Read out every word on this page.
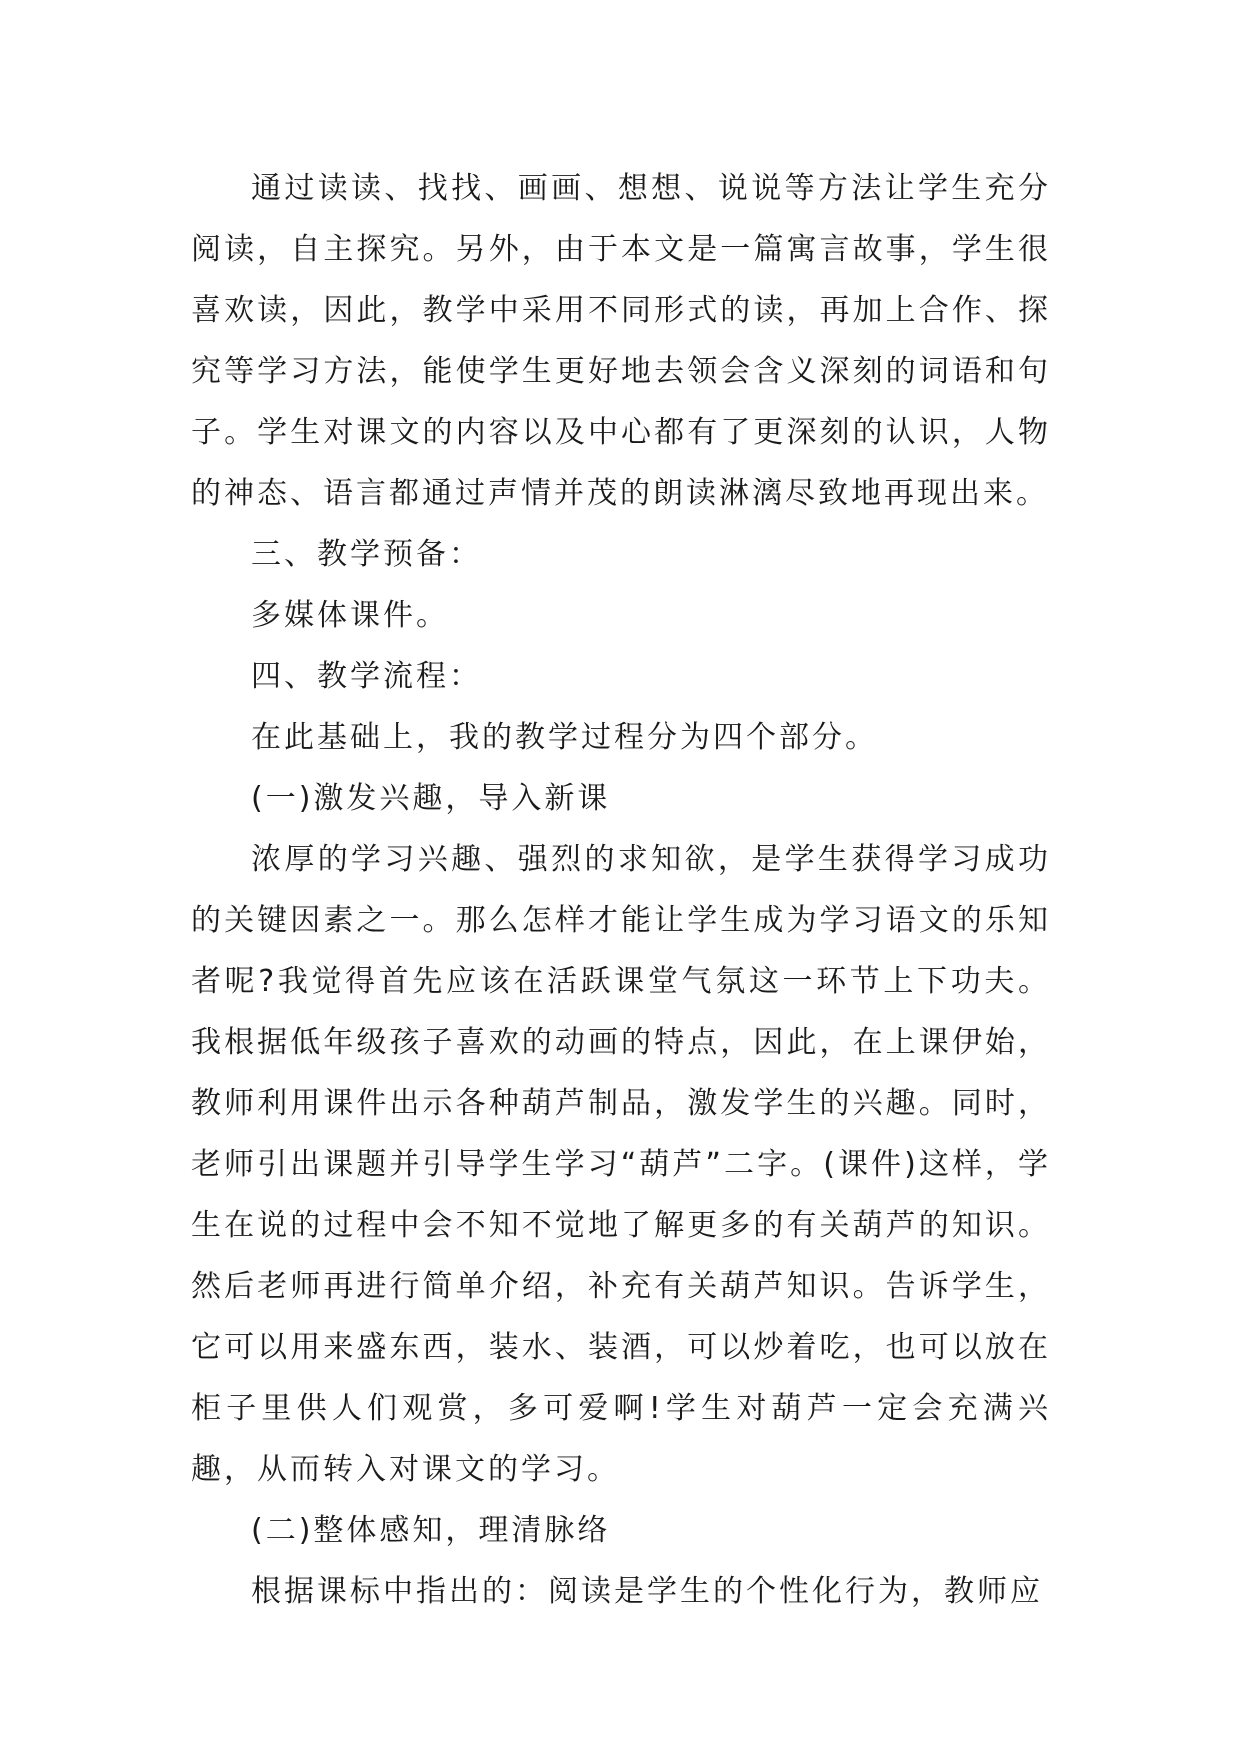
通过读读、找找、画画、想想、说说等方法让学生充分阅读，自主探究。另外，由于本文是一篇寓言故事，学生很喜欢读，因此，教学中采用不同形式的读，再加上合作、探究等学习方法，能使学生更好地去领会含义深刻的词语和句子。学生对课文的内容以及中心都有了更深刻的认识，人物的神态、语言都通过声情并茂的朗读淋漓尽致地再现出来。

三、教学预备：

多媒体课件。

四、教学流程：

在此基础上，我的教学过程分为四个部分。

(一)激发兴趣，导入新课

浓厚的学习兴趣、强烈的求知欲，是学生获得学习成功的关键因素之一。那么怎样才能让学生成为学习语文的乐知者呢?我觉得首先应该在活跃课堂气氛这一环节上下功夫。我根据低年级孩子喜欢的动画的特点，因此，在上课伊始，教师利用课件出示各种葫芦制品，激发学生的兴趣。同时，老师引出课题并引导学生学习“葫芦”二字。(课件)这样，学生在说的过程中会不知不觉地了解更多的有关葫芦的知识。然后老师再进行简单介绍，补充有关葫芦知识。告诉学生，它可以用来盛东西，装水、装酒，可以炒着吃，也可以放在柜子里供人们观赏，多可爱啊!学生对葫芦一定会充满兴趣，从而转入对课文的学习。

(二)整体感知，理清脉络

根据课标中指出的：阅读是学生的个性化行为，教师应
